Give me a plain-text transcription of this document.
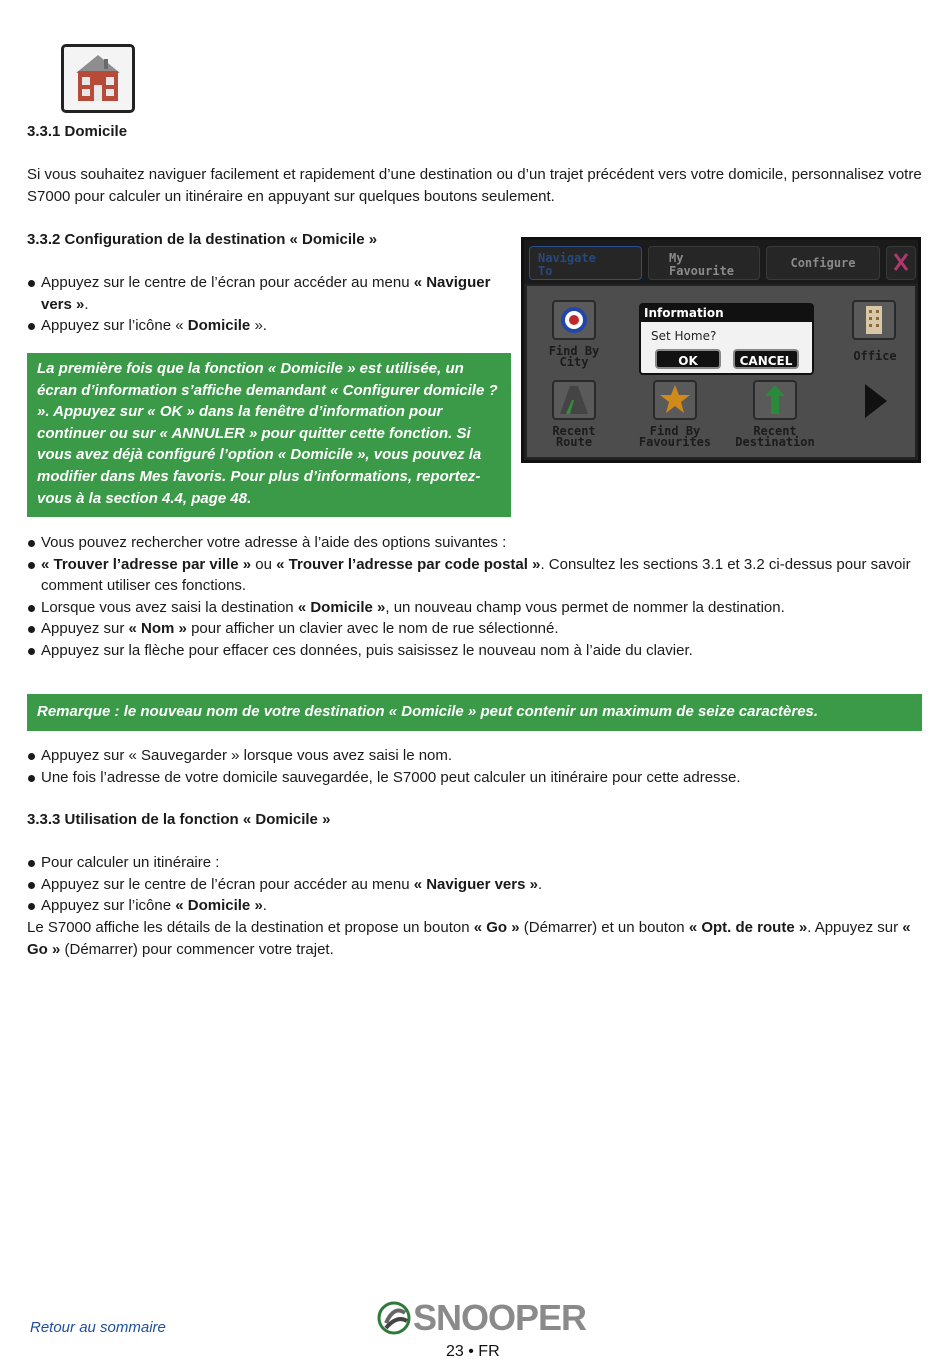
3.3.1 Domicile

Si vous souhaitez naviguer facilement et rapidement d’une destination ou d’un trajet précédent vers votre domicile, personnalisez votre S7000 pour calculer un itinéraire en appuyant sur quelques boutons seulement.

3.3.2 Configuration de la destination « Domicile »
Appuyez sur le centre de l’écran pour accéder au menu « Naviguer vers ».
Appuyez sur l’icône « Domicile ».
La première fois que la fonction « Domicile » est utilisée, un écran d’information s’affiche demandant « Configurer domicile ? ». Appuyez sur « OK » dans la fenêtre d’information pour continuer ou sur « ANNULER » pour quitter cette fonction. Si vous avez déjà configuré l’option « Domicile », vous pouvez la modifier dans Mes favoris. Pour plus d’informations, reportez-vous à la section 4.4, page 48.
Navigate
To
My
Favourite
Configure
Find By
City	Office
Recent
Route
Find By
Favourites
Recent
Destination
Information
Set Home?
OK	CANCEL
Vous pouvez rechercher votre adresse à l’aide des options suivantes :
« Trouver l’adresse par ville » ou « Trouver l’adresse par code postal ». Consultez les sections 3.1 et 3.2 ci-dessus pour savoir comment utiliser ces fonctions.
Lorsque vous avez saisi la destination « Domicile », un nouveau champ vous permet de nommer la destination.
Appuyez sur « Nom » pour afficher un clavier avec le nom de rue sélectionné.
Appuyez sur la flèche pour effacer ces données, puis saisissez le nouveau nom à l’aide du clavier.
Remarque : le nouveau nom de votre destination « Domicile » peut contenir un maximum de seize caractères.
Appuyez sur « Sauvegarder » lorsque vous avez saisi le nom.
Une fois l’adresse de votre domicile sauvegardée, le S7000 peut calculer un itinéraire pour cette adresse.
3.3.3 Utilisation de la fonction « Domicile »
Pour calculer un itinéraire :
Appuyez sur le centre de l’écran pour accéder au menu « Naviguer vers ».
Appuyez sur l’icône « Domicile ».

Le S7000 affiche les détails de la destination et propose un bouton « Go » (Démarrer) et un bouton « Opt. de route ». Appuyez sur « Go » (Démarrer) pour commencer votre trajet.

Retour au sommaire	SNOOPER
23 • FR
